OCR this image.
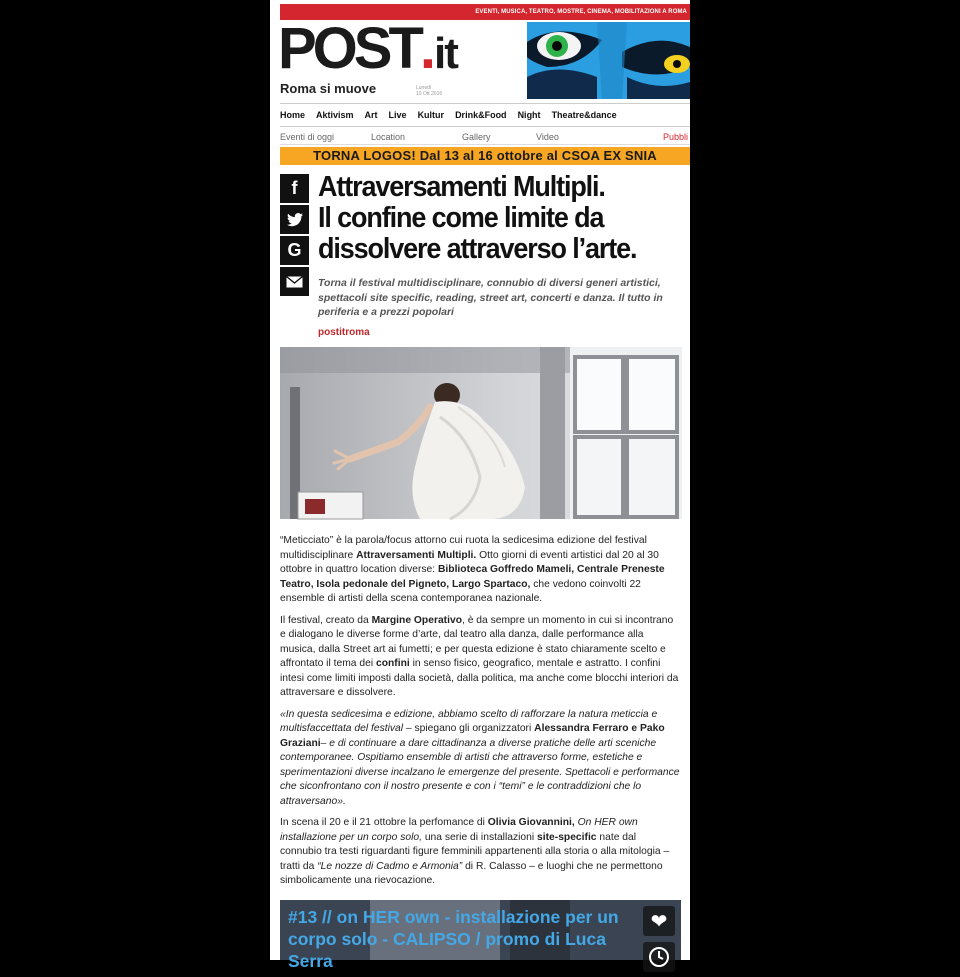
EVENTI, MUSICA, TEATRO, MOSTRE, CINEMA, MOBILITAZIONI A ROMA
POST.it
Roma si muove	Lunedì
10 Ott 2016
Home Aktivism Art Live Kultur Drink&Food Night Theatre&dance
Eventi di oggi	Location	Gallery	Video	Pubbli
TORNA LOGOS! Dal 13 al 16 ottobre al CSOA EX SNIA
f
G
Attraversamenti Multipli.
Il confine come limite da
dissolvere attraverso l’arte.
Torna il festival multidisciplinare, connubio di diversi generi artistici, spettacoli site specific, reading, street art, concerti e danza. Il tutto in periferia e a prezzi popolari
postitroma

“Meticciato” è la parola/focus attorno cui ruota la sedicesima edizione del festival multidisciplinare Attraversamenti Multipli. Otto giorni di eventi artistici dal 20 al 30 ottobre in quattro location diverse: Biblioteca Goffredo Mameli, Centrale Preneste Teatro, Isola pedonale del Pigneto, Largo Spartaco, che vedono coinvolti 22 ensemble di artisti della scena contemporanea nazionale.

Il festival, creato da Margine Operativo, è da sempre un momento in cui si incontrano e dialogano le diverse forme d’arte, dal teatro alla danza, dalle performance alla musica, dalla Street art ai fumetti; e per questa edizione è stato chiaramente scelto e affrontato il tema dei confini in senso fisico, geografico, mentale e astratto. I confini intesi come limiti imposti dalla società, dalla politica, ma anche come blocchi interiori da attraversare e dissolvere.

«In questa sedicesima e edizione, abbiamo scelto di rafforzare la natura meticcia e multisfaccettata del festival – spiegano gli organizzatori Alessandra Ferraro e Pako Graziani– e di continuare a dare cittadinanza a diverse pratiche delle arti sceniche contemporanee. Ospitiamo ensemble di artisti che attraverso forme, estetiche e sperimentazioni diverse incalzano le emergenze del presente. Spettacoli e performance che siconfrontano con il nostro presente e con i “temi” e le contraddizioni che lo attraversano».

In scena il 20 e il 21 ottobre la perfomance di Olivia Giovannini, On HER own installazione per un corpo solo, una serie di installazioni site-specific nate dal connubio tra testi riguardanti figure femminili appartenenti alla storia o alla mitologia – tratti da “Le nozze di Cadmo e Armonia” di R. Calasso – e luoghi che ne permettono simbolicamente una rievocazione.

#13 // on HER own - installazione per un corpo solo - CALIPSO / promo di Luca Serra
❤
